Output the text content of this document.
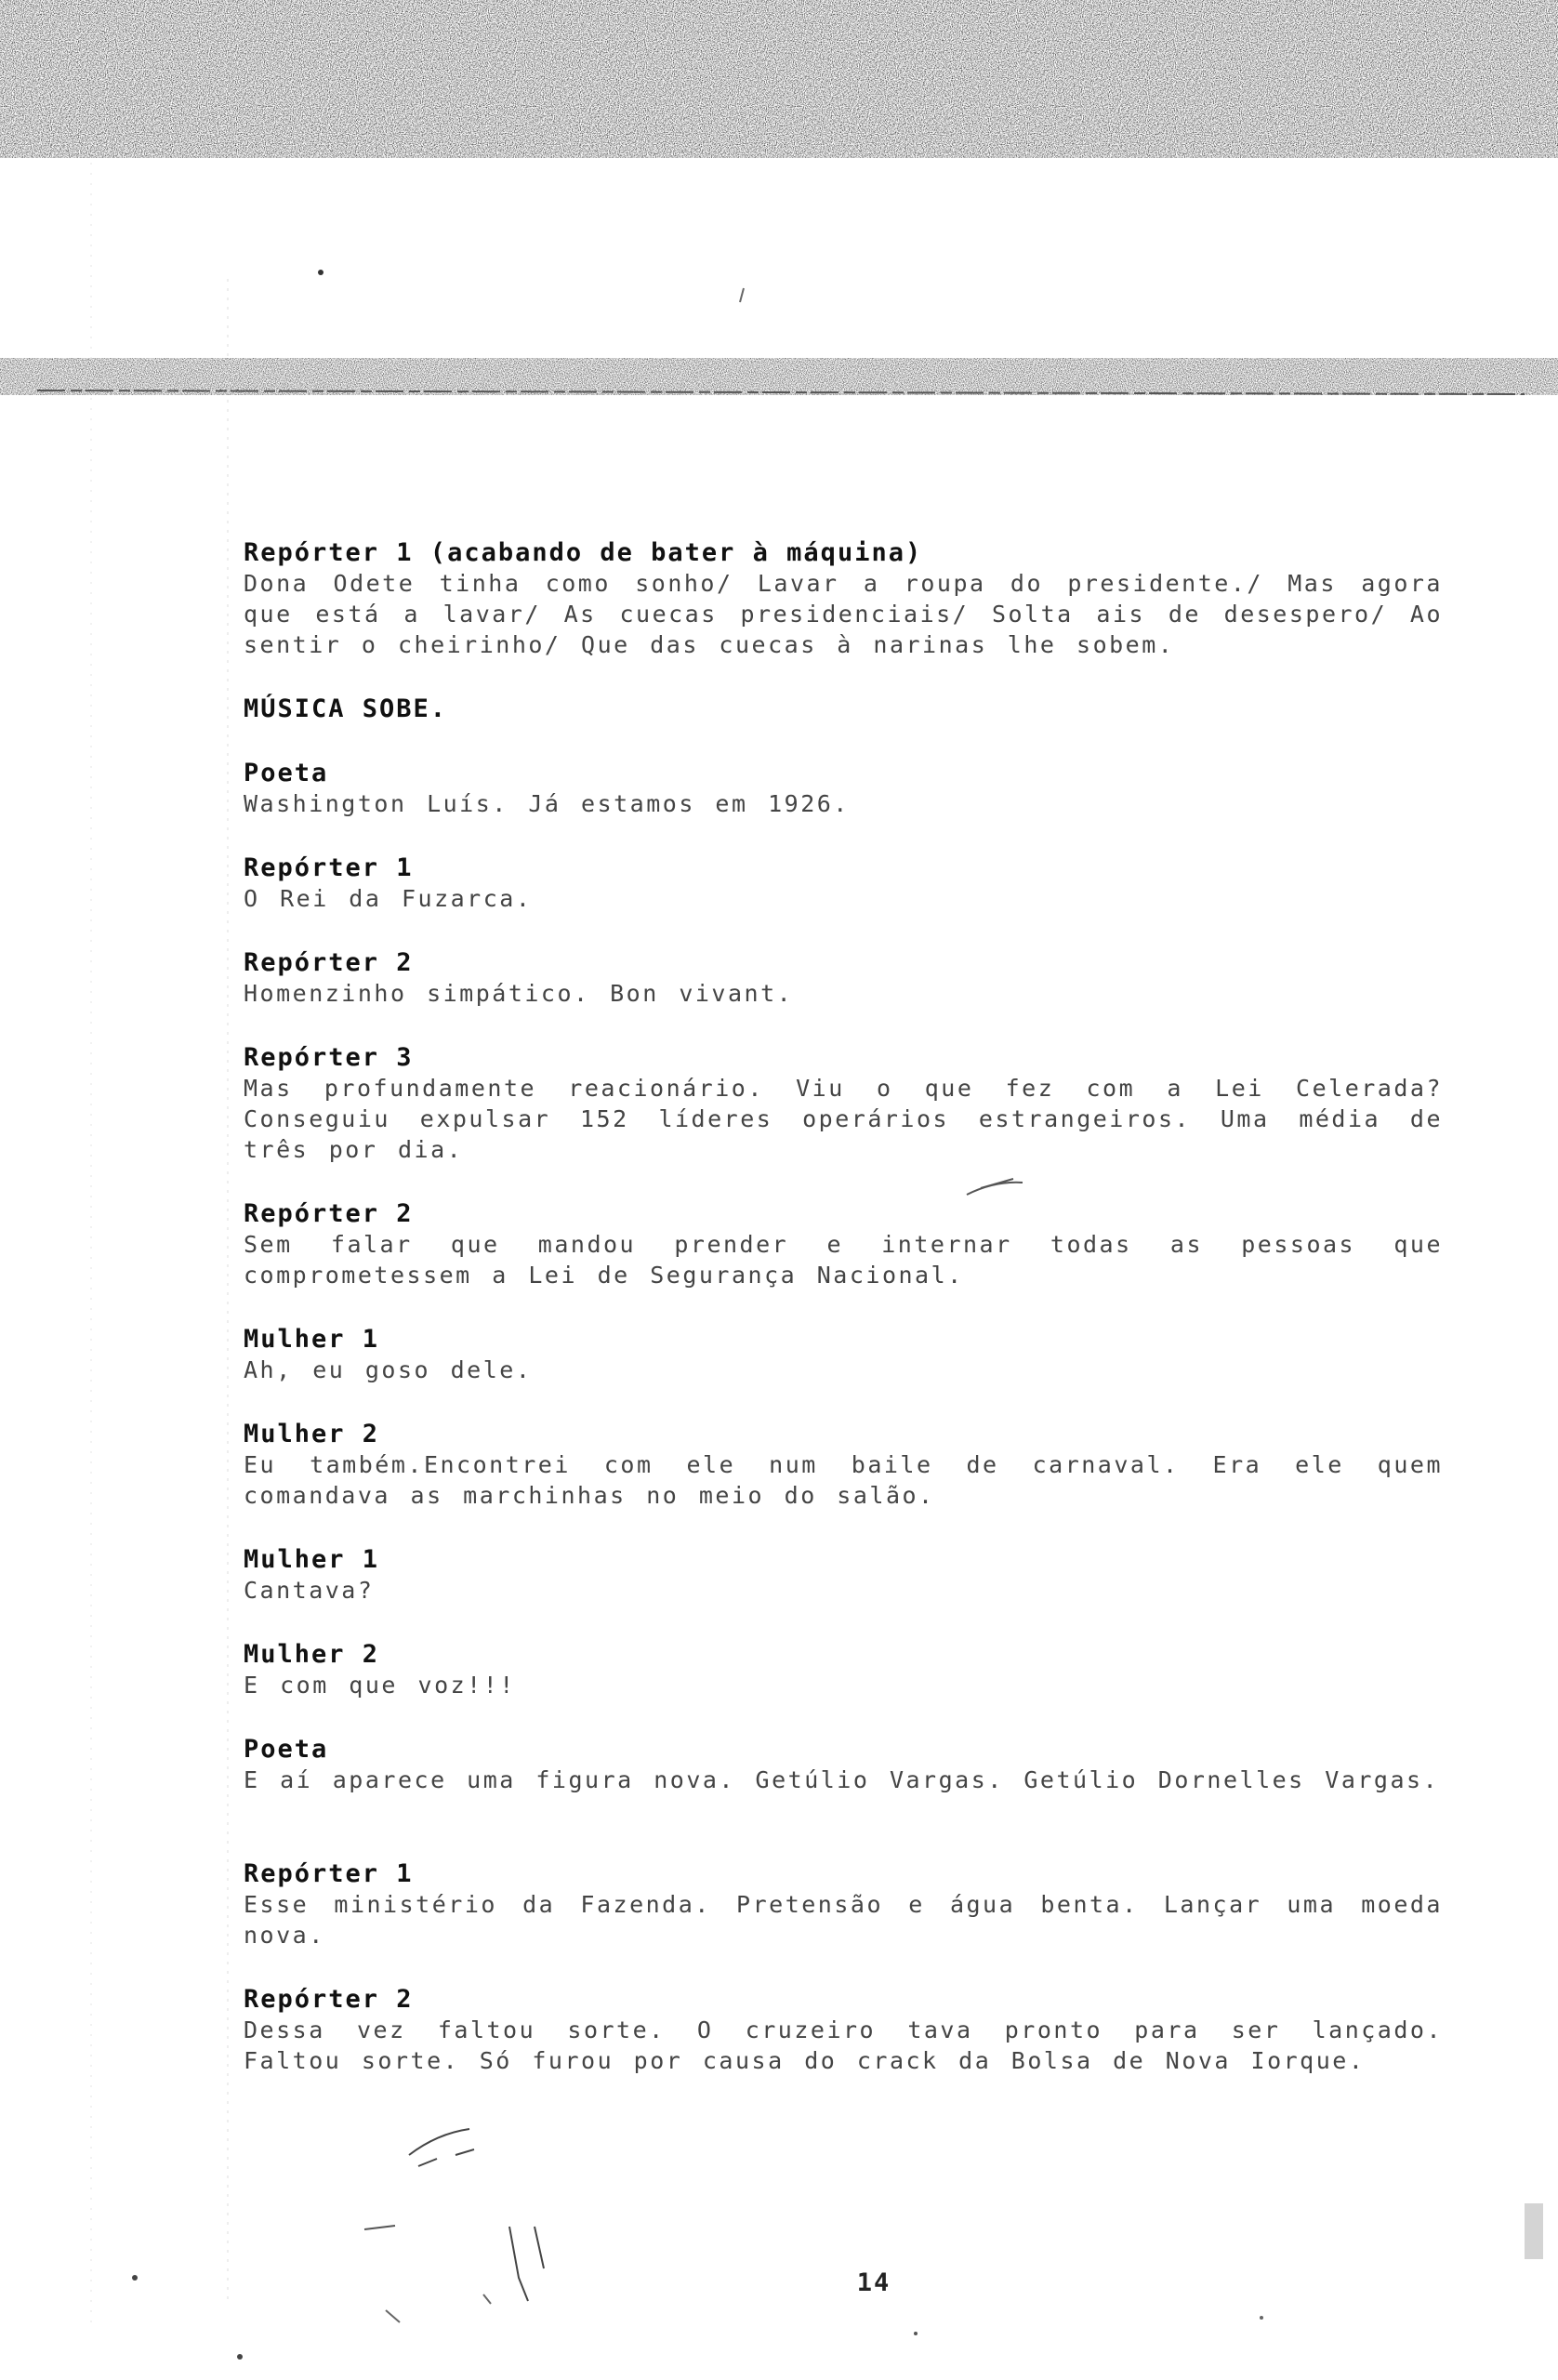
Repórter 1 (acabando de bater à máquina)
Dona Odete tinha como sonho/ Lavar a roupa do presidente./ Mas agora que está a lavar/ As cuecas presidenciais/ Solta ais de desespero/ Ao sentir o cheirinho/ Que das cuecas à narinas lhe sobem.
MÚSICA SOBE.
Poeta
Washington Luís. Já estamos em 1926.
Repórter 1
O Rei da Fuzarca.
Repórter 2
Homenzinho simpático. Bon vivant.
Repórter 3
Mas profundamente reacionário. Viu o que fez com a Lei Celerada? Conseguiu expulsar 152 líderes operários estrangeiros. Uma média de três por dia.
Repórter 2
Sem falar que mandou prender e internar todas as pessoas que comprometessem a Lei de Segurança Nacional.
Mulher 1
Ah, eu goso dele.
Mulher 2
Eu também.Encontrei com ele num baile de carnaval. Era ele quem comandava as marchinhas no meio do salão.
Mulher 1
Cantava?
Mulher 2
E com que voz!!!
Poeta
E aí aparece uma figura nova. Getúlio Vargas. Getúlio Dornelles Vargas.
Repórter 1
Esse ministério da Fazenda. Pretensão e água benta. Lançar uma moeda nova.
Repórter 2
Dessa vez faltou sorte. O cruzeiro tava pronto para ser lançado. Faltou sorte. Só furou por causa do crack da Bolsa de Nova Iorque.
14
